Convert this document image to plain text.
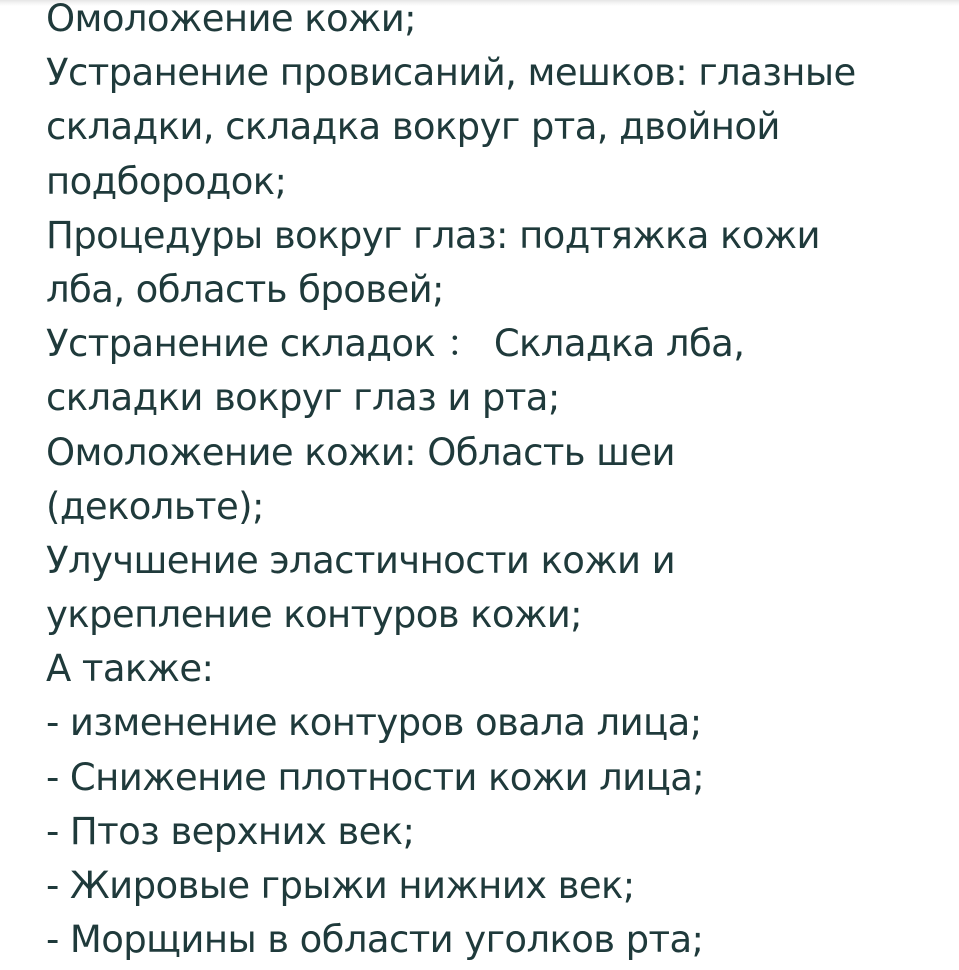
Омоложение кожи;
Устранение провисаний, мешков: глазные
складки, складка вокруг рта, двойной
подбородок;
Процедуры вокруг глаз: подтяжка кожи
лба, область бровей;
Устранение складок ： Складка лба,
складки вокруг глаз и рта;
Омоложение кожи: Область шеи
(декольте);
Улучшение эластичности кожи и
укрепление контуров кожи;
А также:
- изменение контуров овала лица;
- Снижение плотности кожи лица;
- Птоз верхних век;
- Жировые грыжи нижних век;
- Морщины в области уголков рта;
